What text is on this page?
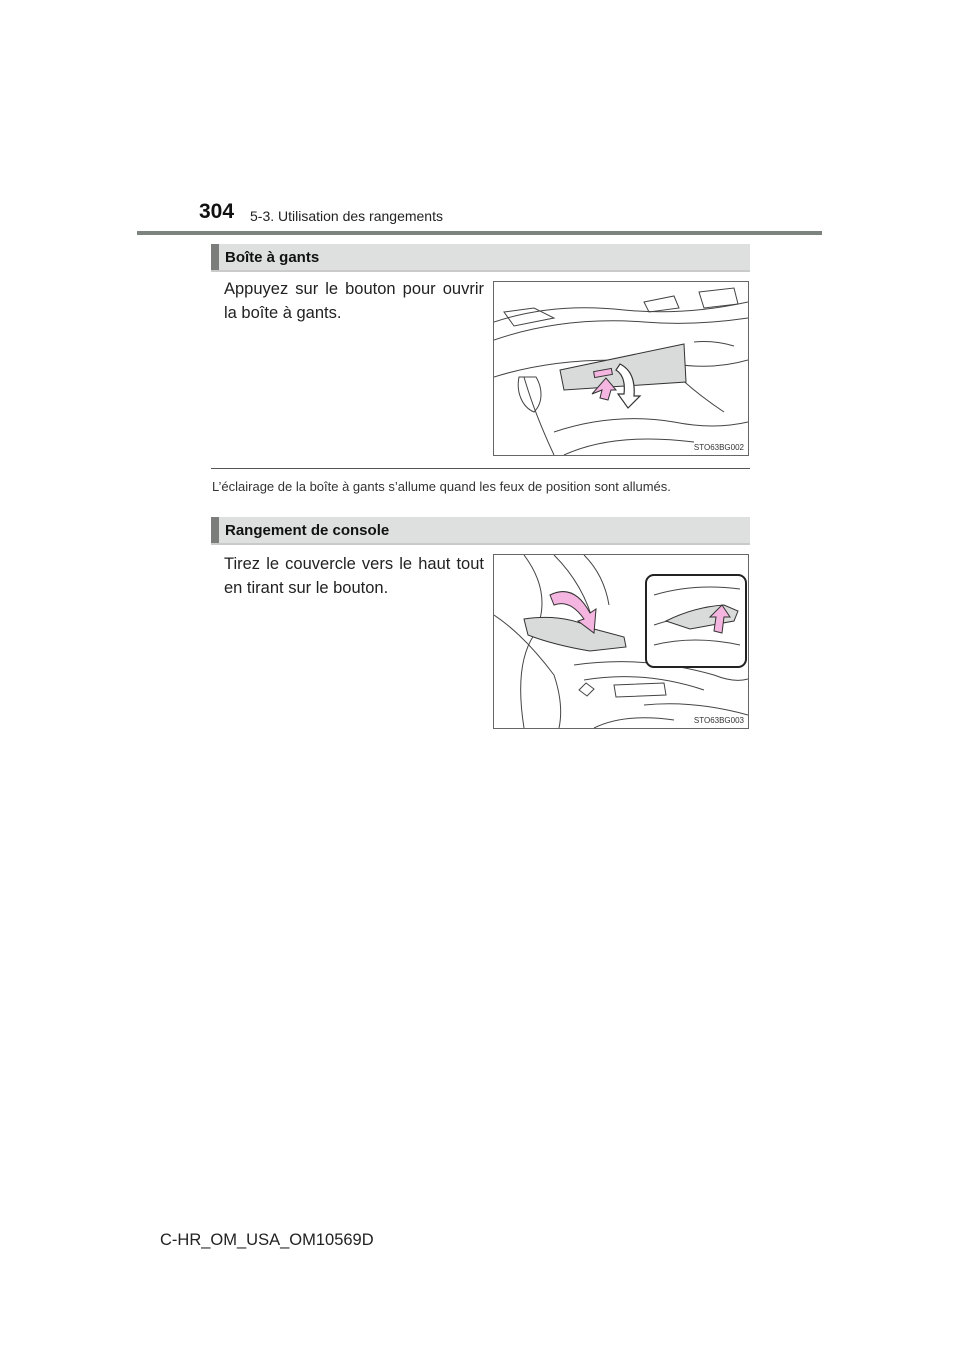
304 5-3. Utilisation des rangements
Boîte à gants
Appuyez sur le bouton pour ouvrir la boîte à gants.
STO63BG002
L’éclairage de la boîte à gants s’allume quand les feux de position sont allumés.
Rangement de console
Tirez le couvercle vers le haut tout en tirant sur le bouton.
STO63BG003
C-HR_OM_USA_OM10569D
